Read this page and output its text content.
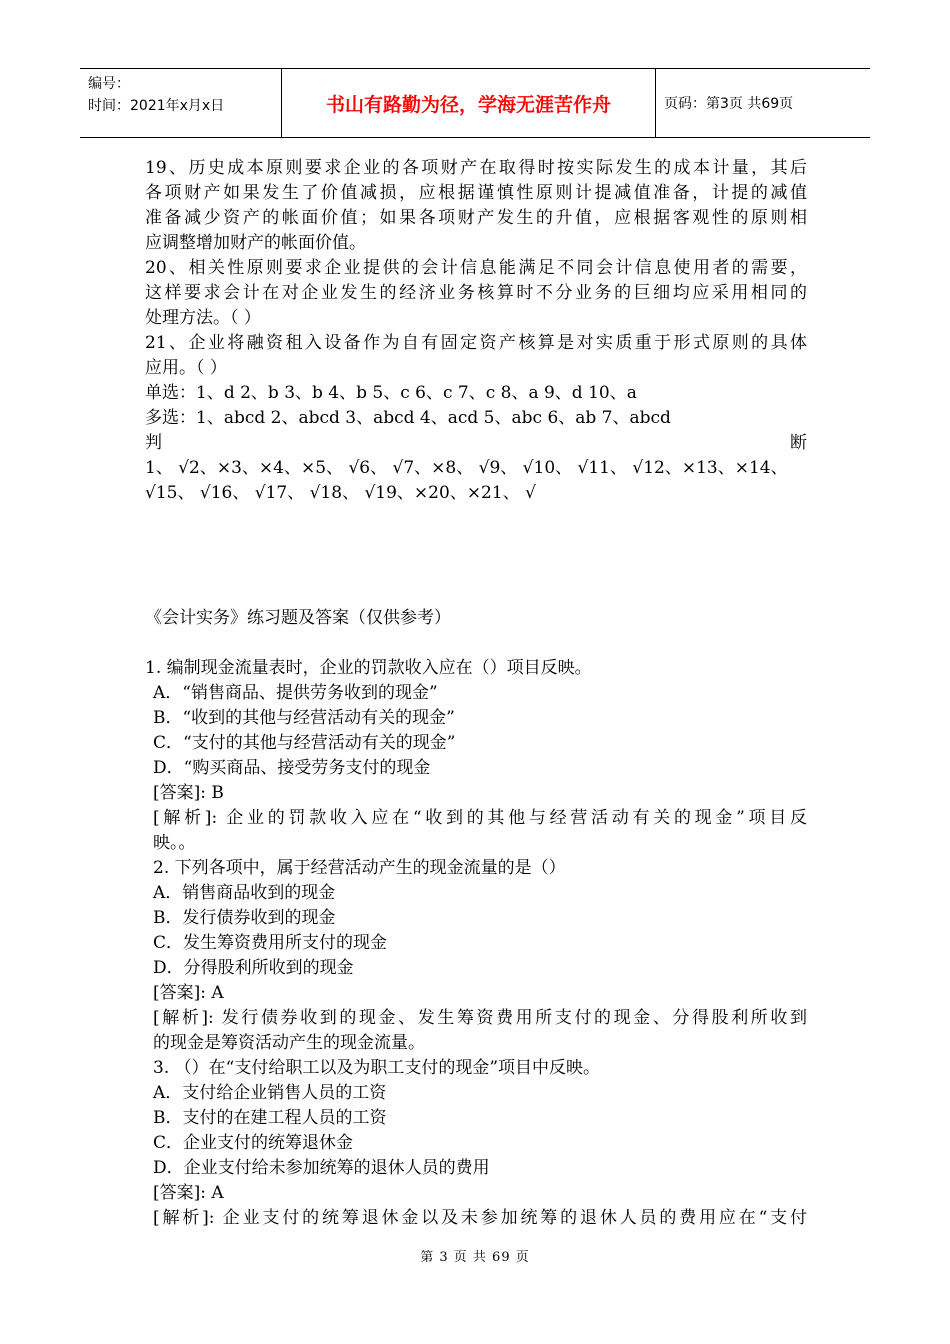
编号：
时间：2021年x月x日	书山有路勤为径，学海无涯苦作舟	页码：第3页 共69页
19、历史成本原则要求企业的各项财产在取得时按实际发生的成本计量，其后
各项财产如果发生了价值减损，应根据谨慎性原则计提减值准备，计提的减值
准备减少资产的帐面价值；如果各项财产发生的升值，应根据客观性的原则相
应调整增加财产的帐面价值。
20、相关性原则要求企业提供的会计信息能满足不同会计信息使用者的需要，
这样要求会计在对企业发生的经济业务核算时不分业务的巨细均应采用相同的
处理方法。（ ）
21、企业将融资租入设备作为自有固定资产核算是对实质重于形式原则的具体
应用。（ ）
单选：1、d 2、b 3、b 4、b 5、c 6、c 7、c 8、a 9、d 10、a
多选：1、abcd 2、abcd 3、abcd 4、acd 5、abc 6、ab 7、abcd
判	断
1、 √2、×3、×4、×5、 √6、 √7、×8、 √9、 √10、 √11、 √12、×13、×14、
√15、 √16、 √17、 √18、 √19、×20、×21、 √
《会计实务》练习题及答案（仅供参考）
1. 编制现金流量表时，企业的罚款收入应在（）项目反映。
A．“销售商品、提供劳务收到的现金”
B．“收到的其他与经营活动有关的现金”
C．“支付的其他与经营活动有关的现金”
D．“购买商品、接受劳务支付的现金
[答案]: B
[解析]: 企业的罚款收入应在“收到的其他与经营活动有关的现金”项目反
映。。
2. 下列各项中，属于经营活动产生的现金流量的是（）
A．销售商品收到的现金
B．发行债券收到的现金
C．发生筹资费用所支付的现金
D．分得股利所收到的现金
[答案]: A
[解析]: 发行债券收到的现金、发生筹资费用所支付的现金、分得股利所收到
的现金是筹资活动产生的现金流量。
3. （）在“支付给职工以及为职工支付的现金”项目中反映。
A．支付给企业销售人员的工资
B．支付的在建工程人员的工资
C．企业支付的统筹退休金
D．企业支付给未参加统筹的退休人员的费用
[答案]: A
[解析]: 企业支付的统筹退休金以及未参加统筹的退休人员的费用应在“支付
第 3 页 共 69 页
